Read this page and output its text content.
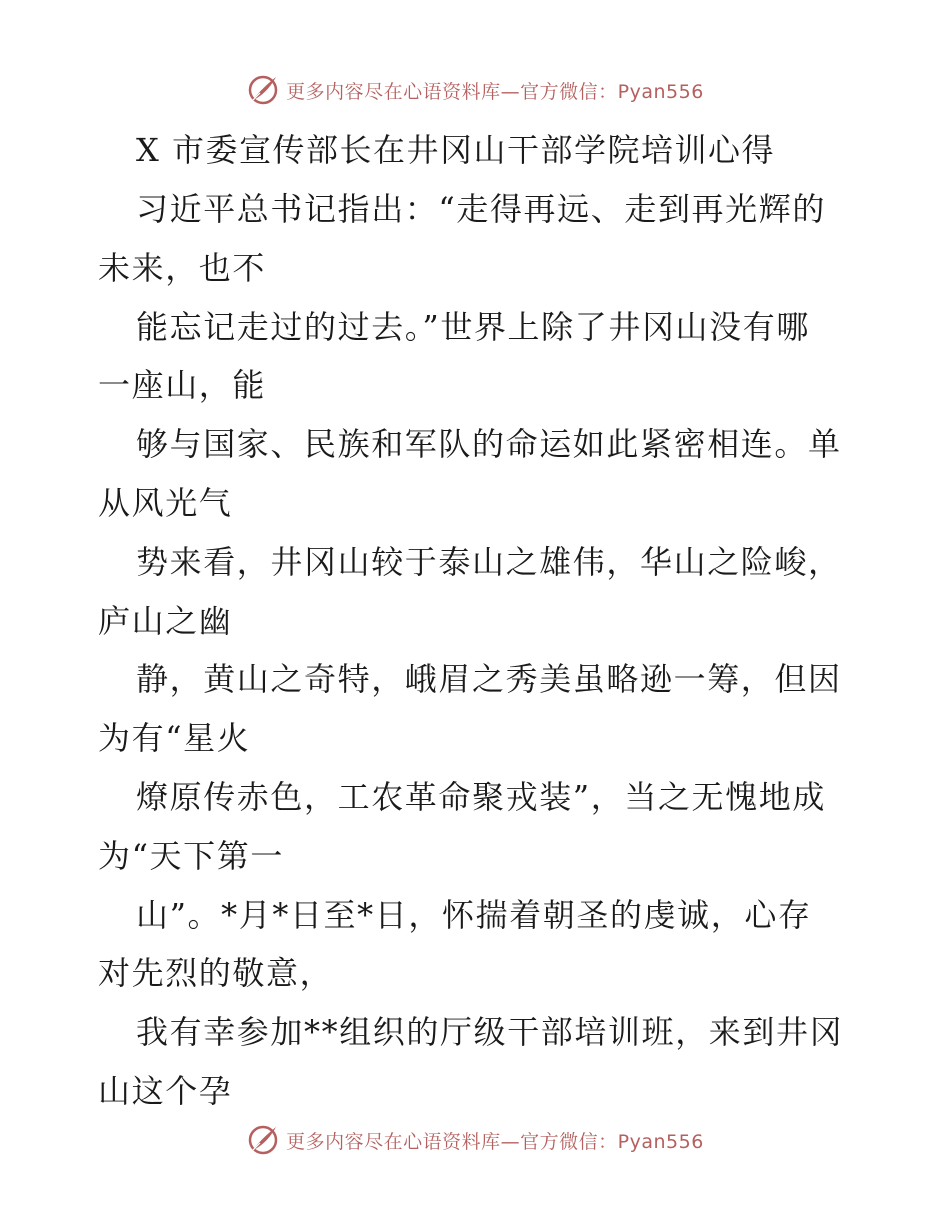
更多内容尽在心语资料库—官方微信：Pyan556
X 市委宣传部长在井冈山干部学院培训心得
习近平总书记指出：“走得再远、走到再光辉的
未来，也不
能忘记走过的过去。”世界上除了井冈山没有哪
一座山，能
够与国家、民族和军队的命运如此紧密相连。单
从风光气
势来看，井冈山较于泰山之雄伟，华山之险峻，
庐山之幽
静，黄山之奇特，峨眉之秀美虽略逊一筹，但因
为有“星火
燎原传赤色，工农革命聚戎装”，当之无愧地成
为“天下第一
山”。*月*日至*日，怀揣着朝圣的虔诚，心存
对先烈的敬意，
我有幸参加**组织的厅级干部培训班，来到井冈
山这个孕
更多内容尽在心语资料库—官方微信：Pyan556
